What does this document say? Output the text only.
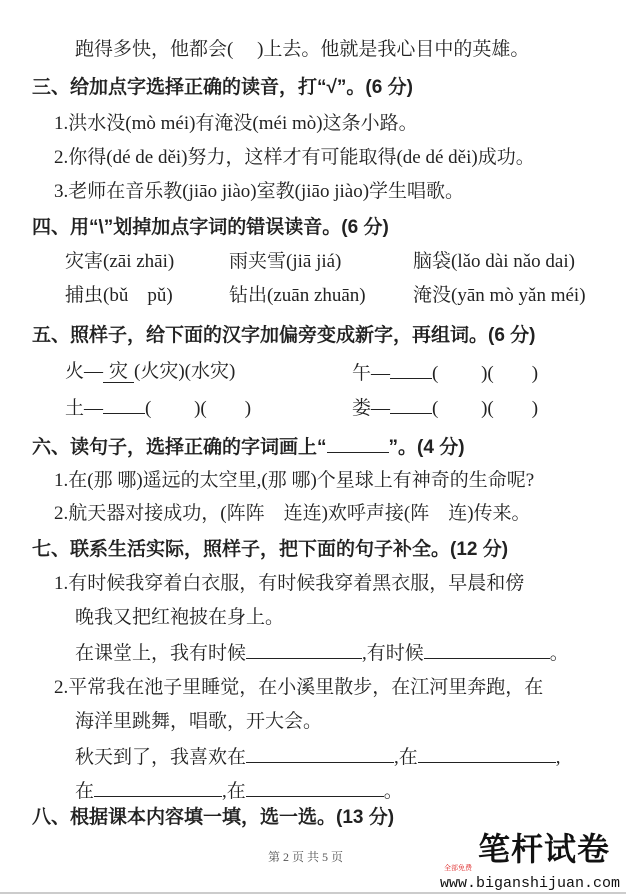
跑得多快，他都会(　 )上去。他就是我心目中的英雄。
三、给加点字选择正确的读音，打“√”。(6 分)
1.洪水没(mò méi)有淹没(méi mò)这条小路。
2.你得(dé de děi)努力，这样才有可能取得(de dé děi)成功。
3.老师在音乐教(jiāo jiào)室教(jiāo jiào)学生唱歌。
四、用“\”划掉加点字词的错误读音。(6 分)
灾害(zāi zhāi)	雨夹雪(jiā jiá)	脑袋(lǎo dài nǎo dai)
捕虫(bǔ　pǔ)	钻出(zuān zhuān)	淹没(yān mò yǎn méi)
五、照样子，给下面的汉字加偏旁变成新字，再组词。(6 分)
火— 灾 (火灾)(水灾)	午— (　　 )(　　)
土— (　　 )(　　)	娄— (　　 )(　　)
六、读句子，选择正确的字词画上“	”。(4 分)
1.在(那 哪)遥远的太空里,(那 哪)个星球上有神奇的生命呢?
2.航天器对接成功，(阵阵　连连)欢呼声接(阵　连)传来。
七、联系生活实际，照样子，把下面的句子补全。(12 分)
1.有时候我穿着白衣服，有时候我穿着黑衣服，早晨和傍
晚我又把红袍披在身上。
在课堂上，我有时候	,有时候	。
2.平常我在池子里睡觉，在小溪里散步，在江河里奔跑，在
海洋里跳舞，唱歌，开大会。
秋天到了，我喜欢在	,在	,
在	,在	。
八、根据课本内容填一填，选一选。(13 分)
第 2 页 共 5 页	笔杆试卷
全部免费
www.biganshijuan.com
